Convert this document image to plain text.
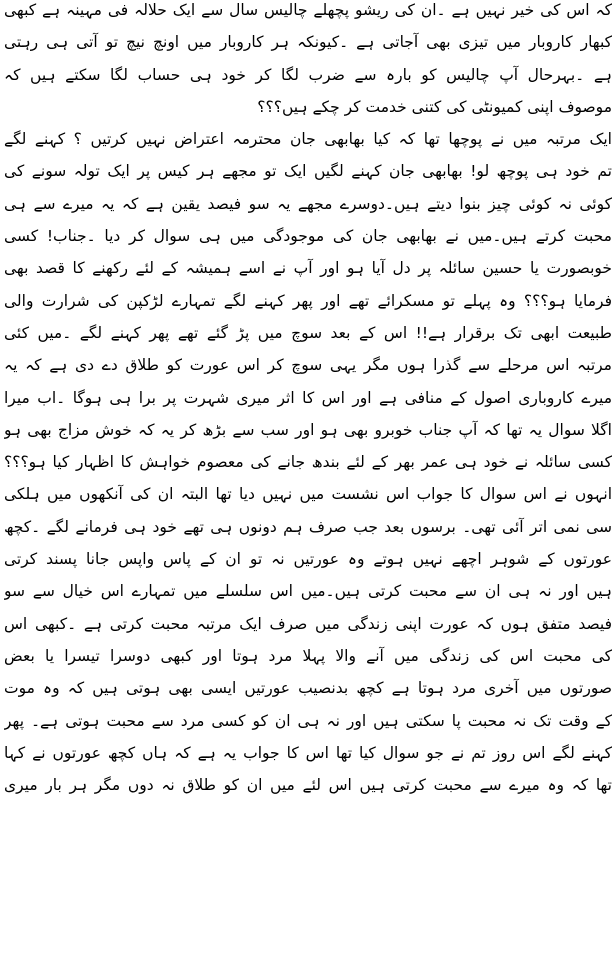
کہ اس کی خیر نہیں ہے ۔ان کی ریشو پچھلے چالیس سال سے ایک حلالہ فی مہینہ ہے کبھی
کبھار کاروبار میں تیزی بھی آجاتی ہے ۔کیونکہ ہر کاروبار میں اونچ نیچ تو آتی ہی رہتی
ہے ۔بہرحال آپ چالیس کو بارہ سے ضرب لگا کر خود ہی حساب لگا سکتے ہیں کہ
موصوف اپنی کمیونٹی کی کتنی خدمت کر چکے ہیں؟؟؟
ایک مرتبہ میں نے پوچھا تھا کہ کیا بھابھی جان محترمہ اعتراض نہیں کرتیں ؟ کہنے لگے
تم خود ہی پوچھ لو! بھابھی جان کہنے لگیں ایک تو مجھے ہر کیس پر ایک تولہ سونے کی
کوئی نہ کوئی چیز بنوا دیتے ہیں۔دوسرے مجھے یہ سو فیصد یقین ہے کہ یہ میرے سے ہی
محبت کرتے ہیں۔میں نے بھابھی جان کی موجودگی میں ہی سوال کر دیا ۔جناب! کسی
خوبصورت یا حسین سائلہ پر دل آیا ہو اور آپ نے اسے ہمیشہ کے لئے رکھنے کا قصد بھی
فرمایا ہو؟؟؟ وہ پہلے تو مسکرائے تھے اور پھر کہنے لگے تمہارے لڑکپن کی شرارت والی
طبیعت ابھی تک برقرار ہے!! اس کے بعد سوچ میں پڑ گئے تھے پھر کہنے لگے ۔میں کئی
مرتبہ اس مرحلے سے گذرا ہوں مگر یہی سوچ کر اس عورت کو طلاق دے دی ہے کہ یہ
میرے کاروباری اصول کے منافی ہے اور اس کا اثر میری شہرت پر برا ہی ہوگا ۔اب میرا
اگلا سوال یہ تھا کہ آپ جناب خوبرو بھی ہو اور سب سے بڑھ کر یہ کہ خوش مزاج بھی ہو
کسی سائلہ نے خود ہی عمر بھر کے لئے بندھ جانے کی معصوم خواہش کا اظہار کیا ہو؟؟؟
انہوں نے اس سوال کا جواب اس نشست میں نہیں دیا تھا البتہ ان کی آنکھوں میں ہلکی
سی نمی اتر آئی تھی۔ برسوں بعد جب صرف ہم دونوں ہی تھے خود ہی فرمانے لگے ۔کچھ
عورتوں کے شوہر اچھے نہیں ہوتے وہ عورتیں نہ تو ان کے پاس واپس جانا پسند کرتی
ہیں اور نہ ہی ان سے محبت کرتی ہیں۔میں اس سلسلے میں تمہارے اس خیال سے سو
فیصد متفق ہوں کہ عورت اپنی زندگی میں صرف ایک مرتبہ محبت کرتی ہے ۔کبھی اس
کی محبت اس کی زندگی میں آنے والا پہلا مرد ہوتا اور کبھی دوسرا تیسرا یا بعض
صورتوں میں آخری مرد ہوتا ہے کچھ بدنصیب عورتیں ایسی بھی ہوتی ہیں کہ وہ موت
کے وقت تک نہ محبت پا سکتی ہیں اور نہ ہی ان کو کسی مرد سے محبت ہوتی ہے۔ پھر
کہنے لگے اس روز تم نے جو سوال کیا تھا اس کا جواب یہ ہے کہ ہاں کچھ عورتوں نے کہا
تھا کہ وہ میرے سے محبت کرتی ہیں اس لئے میں ان کو طلاق نہ دوں مگر ہر بار میری
